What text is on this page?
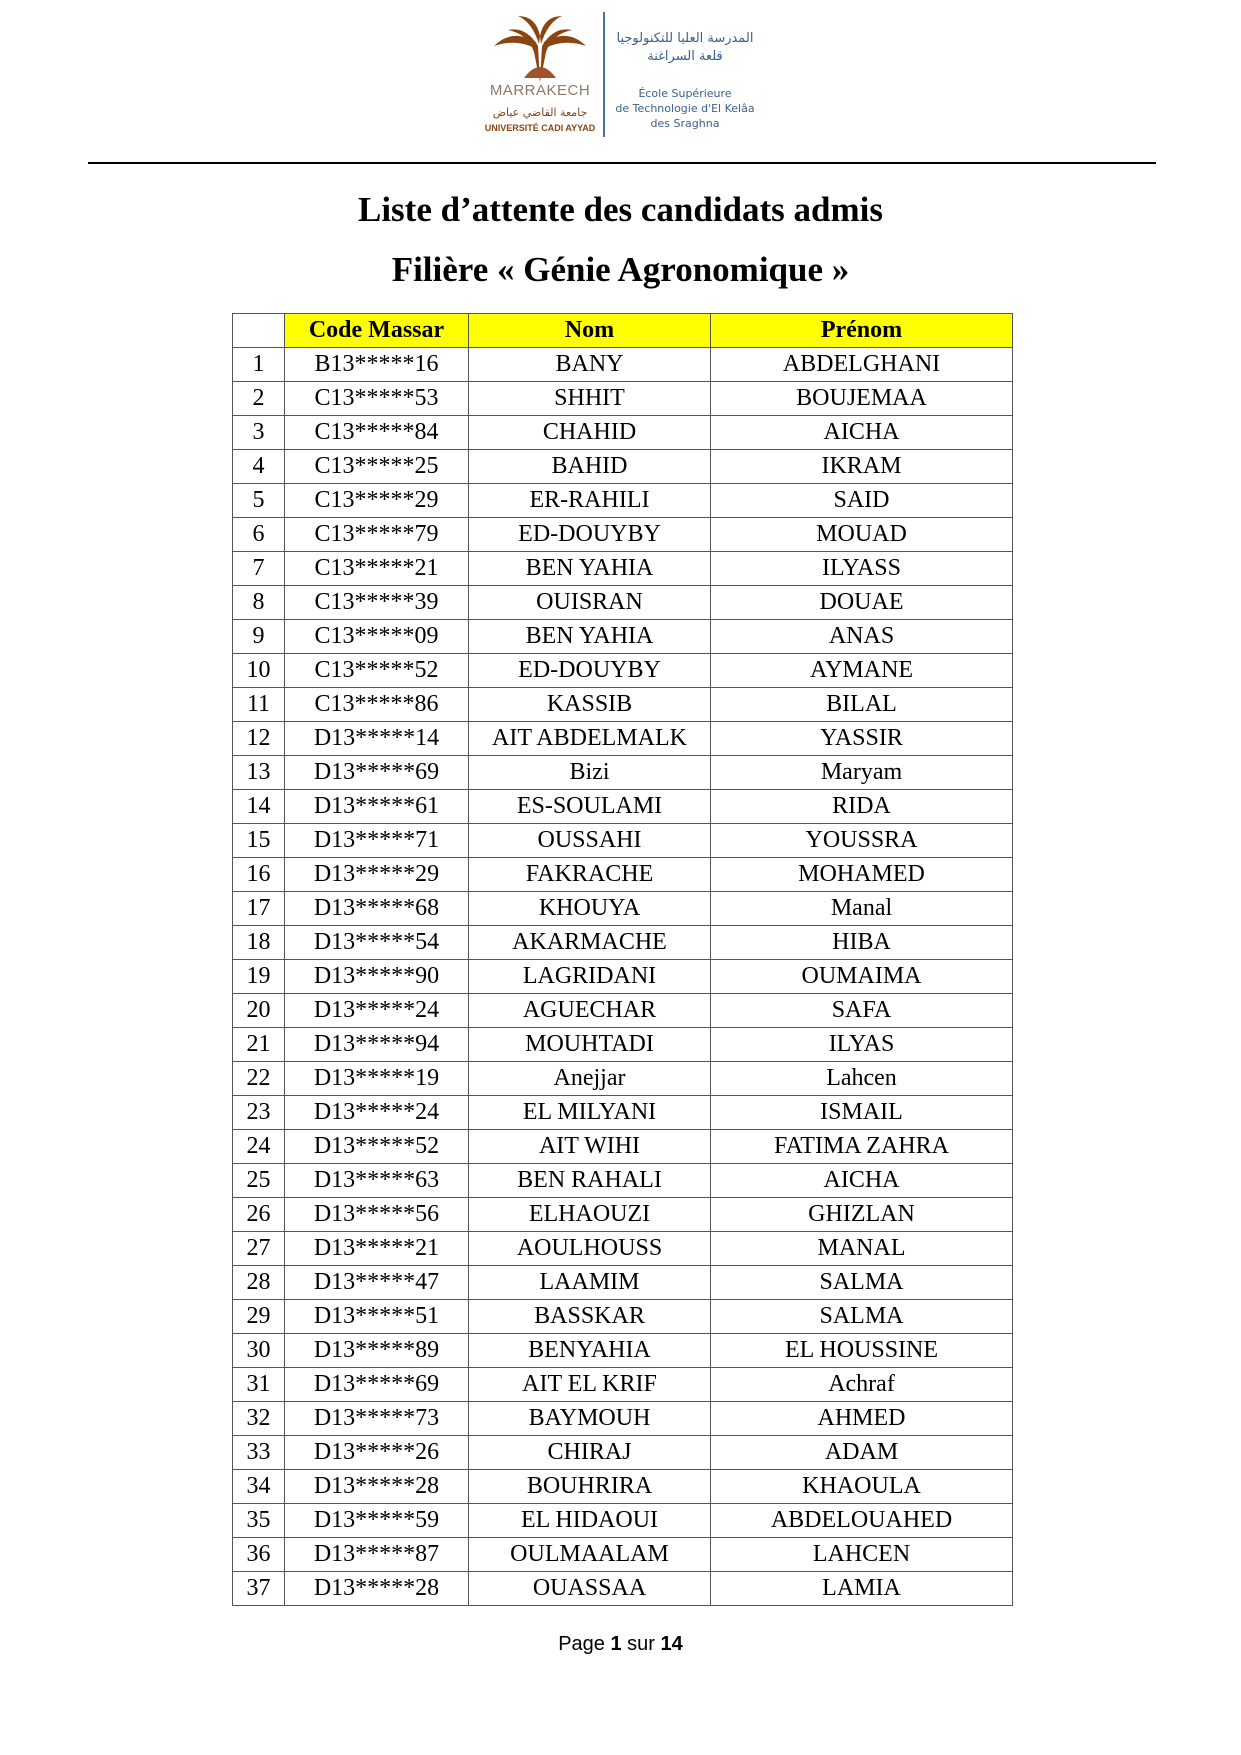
MARRAKECH
جامعة القاضي عياض
UNIVERSITÉ CADI AYYAD
المدرسة العليا للتكنولوجيا
قلعة السراغنة
École Supérieure
de Technologie d'El Kelâa
des Sraghna
Liste d’attente des candidats admis
Filière « Génie Agronomique »
	Code Massar	Nom	Prénom
1	B13*****16	BANY	ABDELGHANI
2	C13*****53	SHHIT	BOUJEMAA
3	C13*****84	CHAHID	AICHA
4	C13*****25	BAHID	IKRAM
5	C13*****29	ER-RAHILI	SAID
6	C13*****79	ED-DOUYBY	MOUAD
7	C13*****21	BEN YAHIA	ILYASS
8	C13*****39	OUISRAN	DOUAE
9	C13*****09	BEN YAHIA	ANAS
10	C13*****52	ED-DOUYBY	AYMANE
11	C13*****86	KASSIB	BILAL
12	D13*****14	AIT ABDELMALK	YASSIR
13	D13*****69	Bizi	Maryam
14	D13*****61	ES-SOULAMI	RIDA
15	D13*****71	OUSSAHI	YOUSSRA
16	D13*****29	FAKRACHE	MOHAMED
17	D13*****68	KHOUYA	Manal
18	D13*****54	AKARMACHE	HIBA
19	D13*****90	LAGRIDANI	OUMAIMA
20	D13*****24	AGUECHAR	SAFA
21	D13*****94	MOUHTADI	ILYAS
22	D13*****19	Anejjar	Lahcen
23	D13*****24	EL MILYANI	ISMAIL
24	D13*****52	AIT WIHI	FATIMA ZAHRA
25	D13*****63	BEN RAHALI	AICHA
26	D13*****56	ELHAOUZI	GHIZLAN
27	D13*****21	AOULHOUSS	MANAL
28	D13*****47	LAAMIM	SALMA
29	D13*****51	BASSKAR	SALMA
30	D13*****89	BENYAHIA	EL HOUSSINE
31	D13*****69	AIT EL KRIF	Achraf
32	D13*****73	BAYMOUH	AHMED
33	D13*****26	CHIRAJ	ADAM
34	D13*****28	BOUHRIRA	KHAOULA
35	D13*****59	EL HIDAOUI	ABDELOUAHED
36	D13*****87	OULMAALAM	LAHCEN
37	D13*****28	OUASSAA	LAMIA
Page 1 sur 14
